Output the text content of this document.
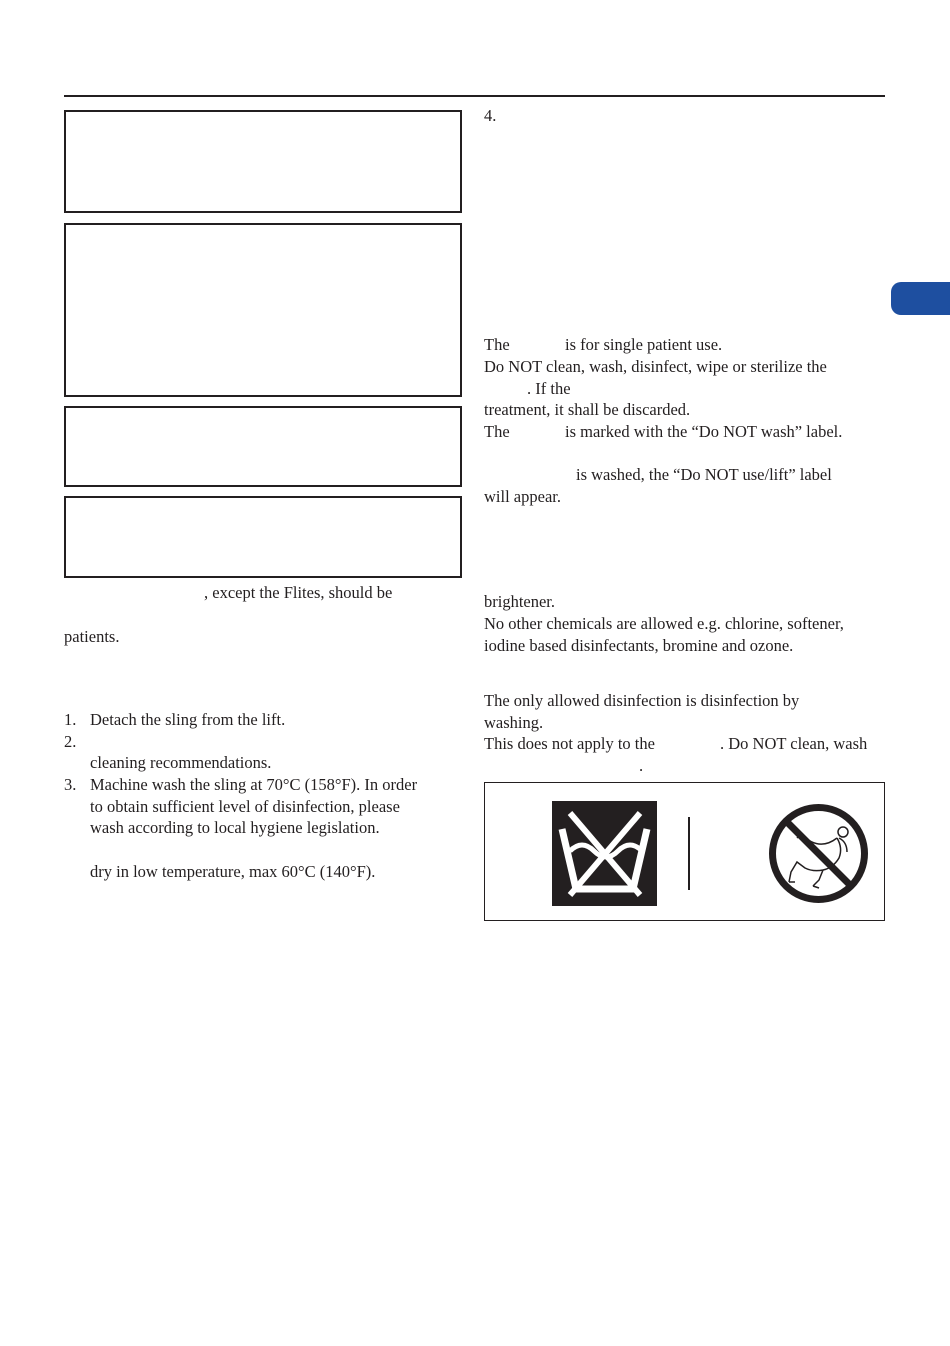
, except the Flites, should be
patients.
1. Detach the sling from the lift.
2.
cleaning recommendations.
3. Machine wash the sling at 70°C (158°F). In order
to obtain sufficient level of disinfection, please
wash according to local hygiene legislation.
dry in low temperature, max 60°C (140°F).
4.
The	is for single patient use.
Do NOT clean, wash, disinfect, wipe or sterilize the
. If the
treatment, it shall be discarded.
The	is marked with the “Do NOT wash” label.
is washed, the “Do NOT use/lift” label
will appear.
brightener.
No other chemicals are allowed e.g. chlorine, softener,
iodine based disinfectants, bromine and ozone.
The only allowed disinfection is disinfection by
washing.
This does not apply to the	. Do NOT clean, wash
.
